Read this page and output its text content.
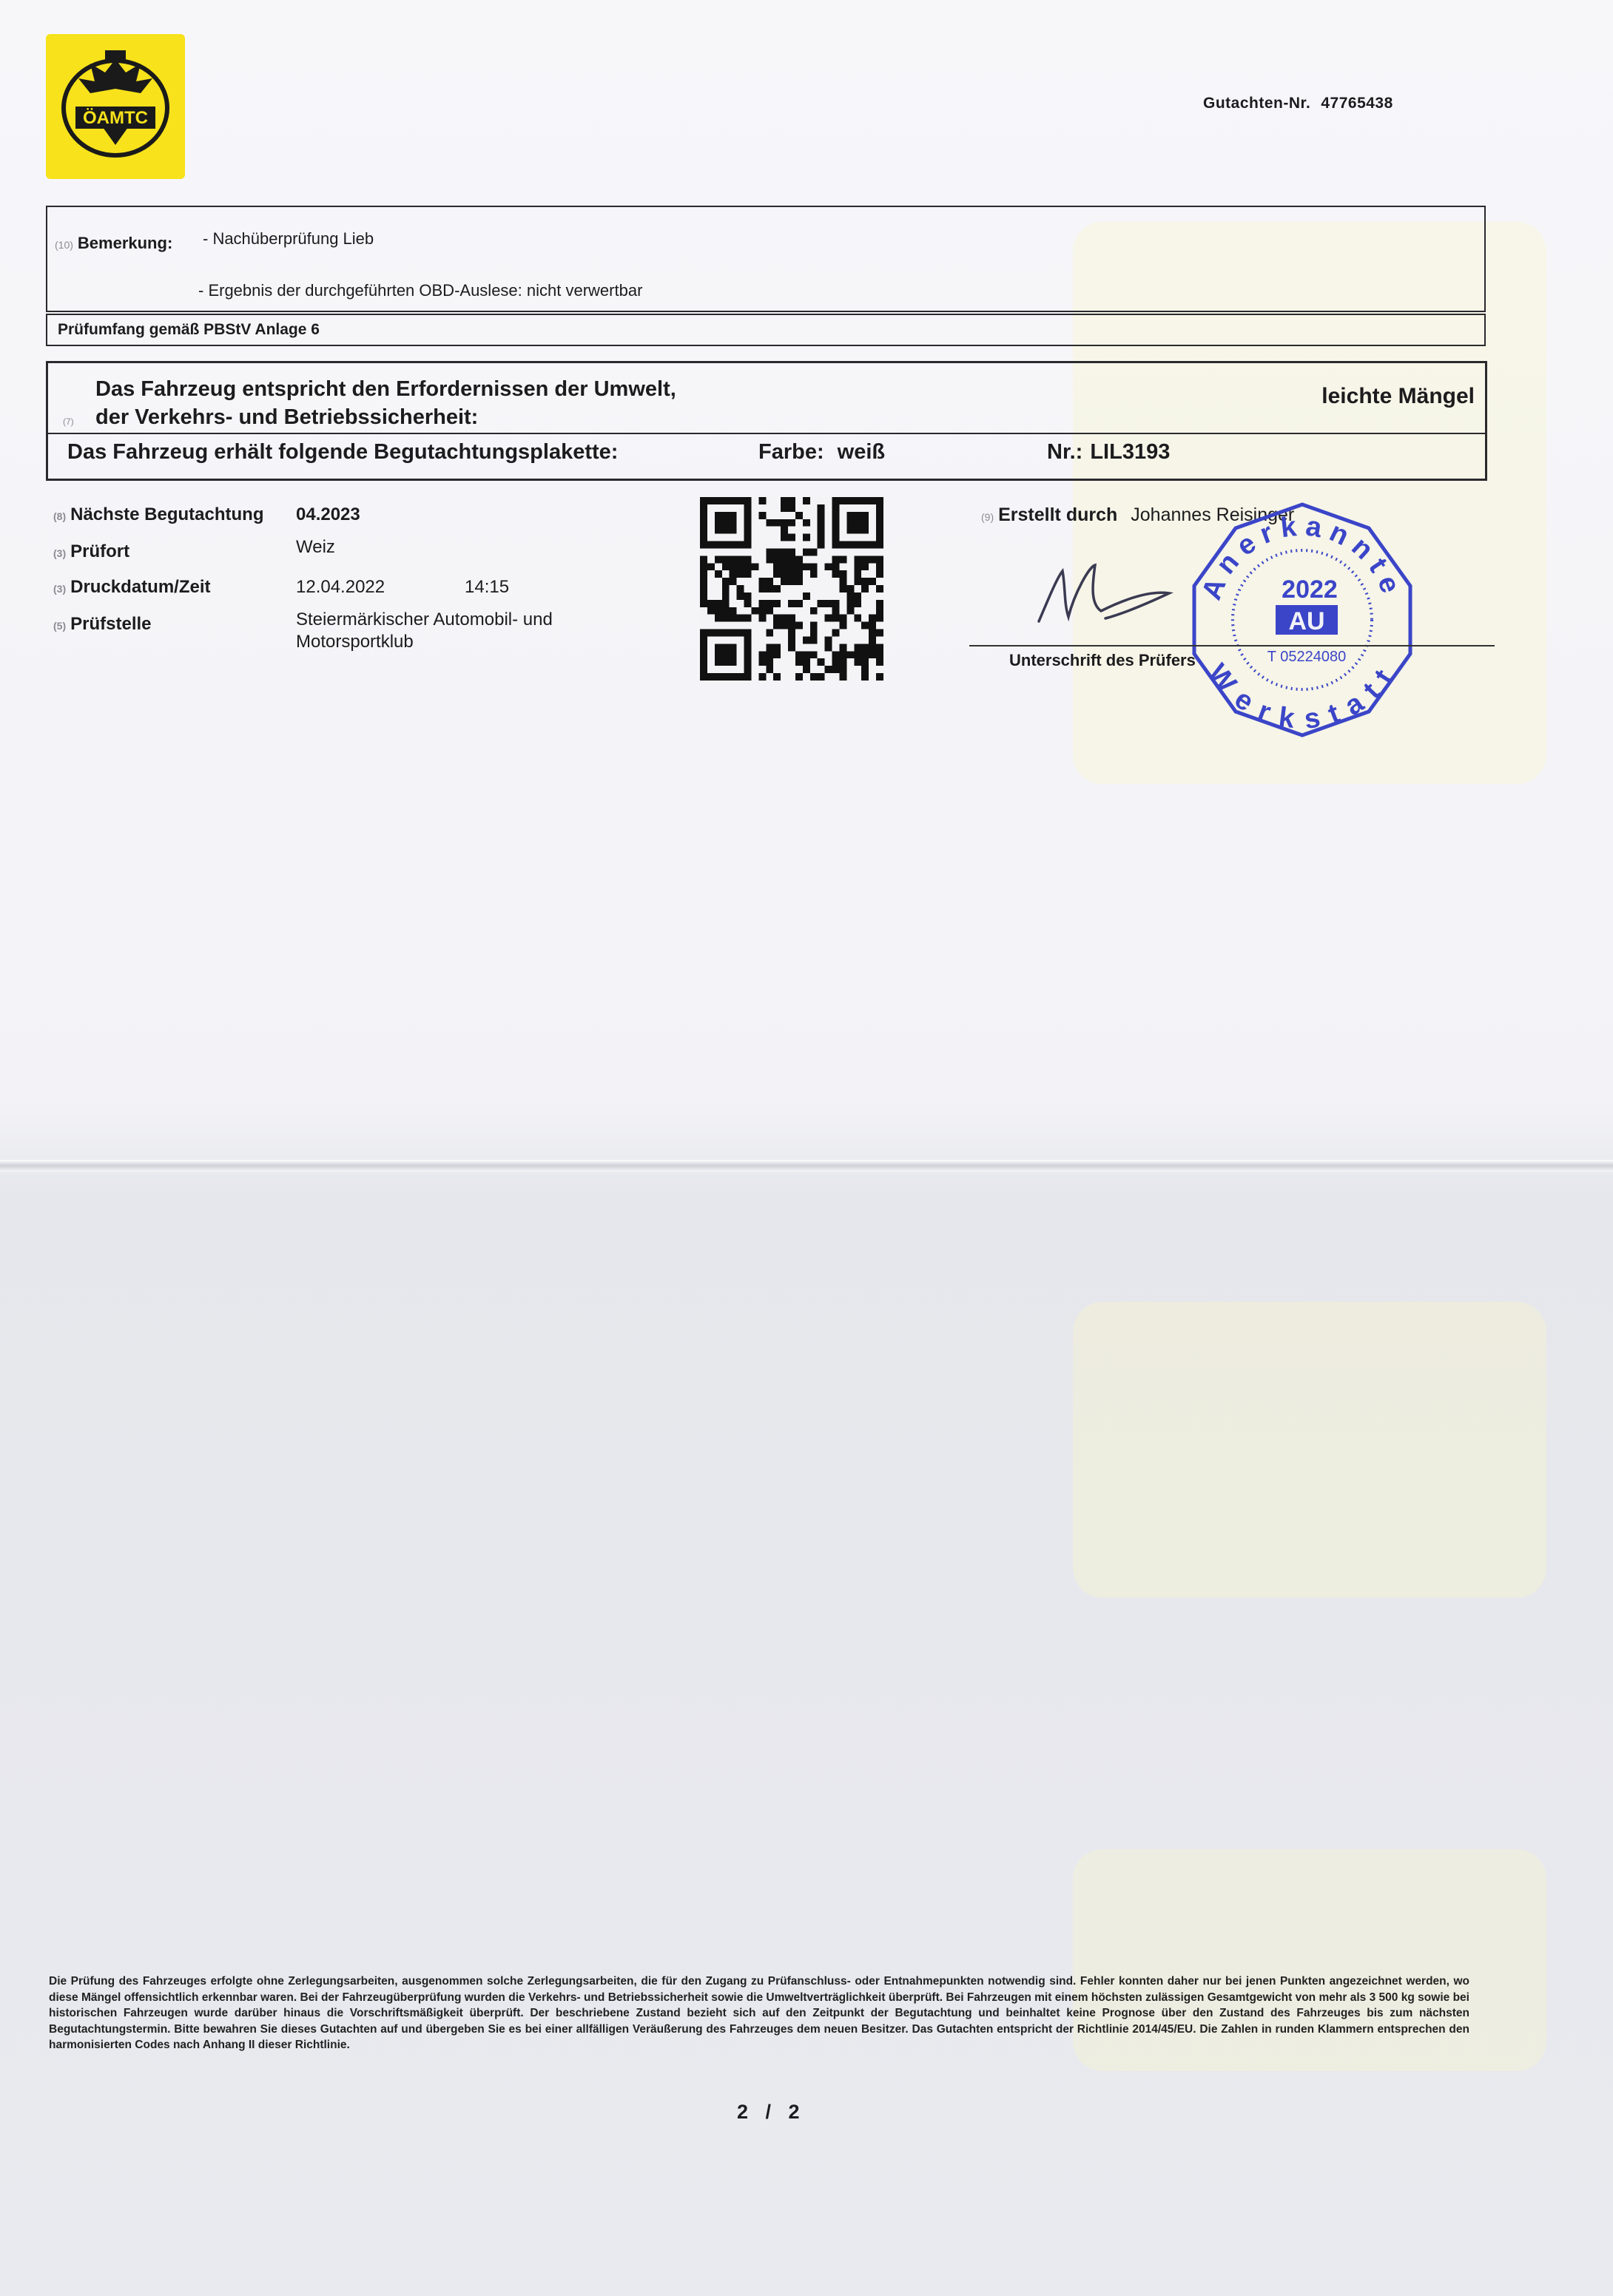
ÖAMTC
Gutachten-Nr. 47765438
(10) Bemerkung: - Nachüberprüfung Lieb
- Ergebnis der durchgeführten OBD-Auslese: nicht verwertbar
Prüfumfang gemäß PBStV Anlage 6
(7)
Das Fahrzeug entspricht den Erfordernissen der Umwelt,
der Verkehrs- und Betriebssicherheit:
leichte Mängel
Das Fahrzeug erhält folgende Begutachtungsplakette:	Farbe: weiß	Nr.: LIL3193
(8) Nächste Begutachtung 04.2023
(3) Prüfort	Weiz
(3) Druckdatum/Zeit	12.04.2022	14:15
(5) Prüfstelle	Steiermärkischer Automobil- und
Motorsportklub
(9) Erstellt durch Johannes Reisinger
Anerkannte
Werkstatt
2022
AU
T 05224080
Unterschrift des Prüfers
Die Prüfung des Fahrzeuges erfolgte ohne Zerlegungsarbeiten, ausgenommen solche Zerlegungsarbeiten, die für den Zugang zu Prüfanschluss- oder Entnahmepunkten notwendig sind. Fehler konnten daher nur bei jenen Punkten angezeichnet werden, wo diese Mängel offensichtlich erkennbar waren. Bei der Fahrzeugüberprüfung wurden die Verkehrs- und Betriebssicherheit sowie die Umweltverträglichkeit überprüft. Bei Fahrzeugen mit einem höchsten zulässigen Gesamtgewicht von mehr als 3 500 kg sowie bei historischen Fahrzeugen wurde darüber hinaus die Vorschriftsmäßigkeit überprüft. Der beschriebene Zustand bezieht sich auf den Zeitpunkt der Begutachtung und beinhaltet keine Prognose über den Zustand des Fahrzeuges bis zum nächsten Begutachtungstermin. Bitte bewahren Sie dieses Gutachten auf und übergeben Sie es bei einer allfälligen Veräußerung des Fahrzeuges dem neuen Besitzer. Das Gutachten entspricht der Richtlinie 2014/45/EU. Die Zahlen in runden Klammern entsprechen den harmonisierten Codes nach Anhang II dieser Richtlinie.
2 / 2
